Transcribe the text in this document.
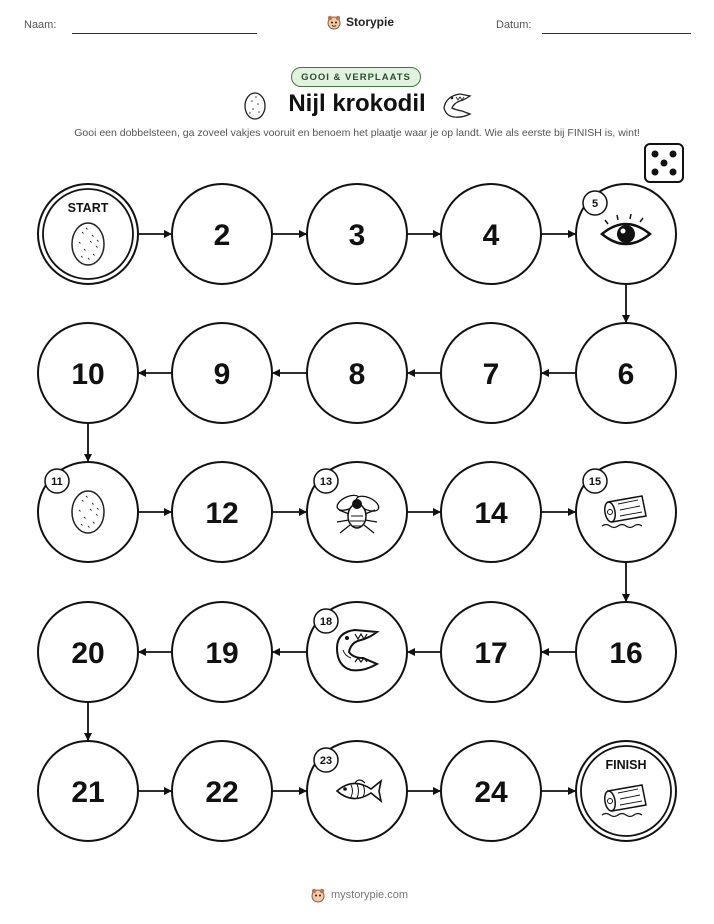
Naam:	Storypie	Datum:
GOOI & VERPLAATS
Nijl krokodil
Gooi een dobbelsteen, ga zoveel vakjes vooruit en benoem het plaatje waar je op landt. Wie als eerste bij FINISH is, wint!
START
2	3	4
5
6
7
8
9
10
11
12
13
14
15
16
17
18
19
20
21	22
23
24
FINISH
mystorypie.com
